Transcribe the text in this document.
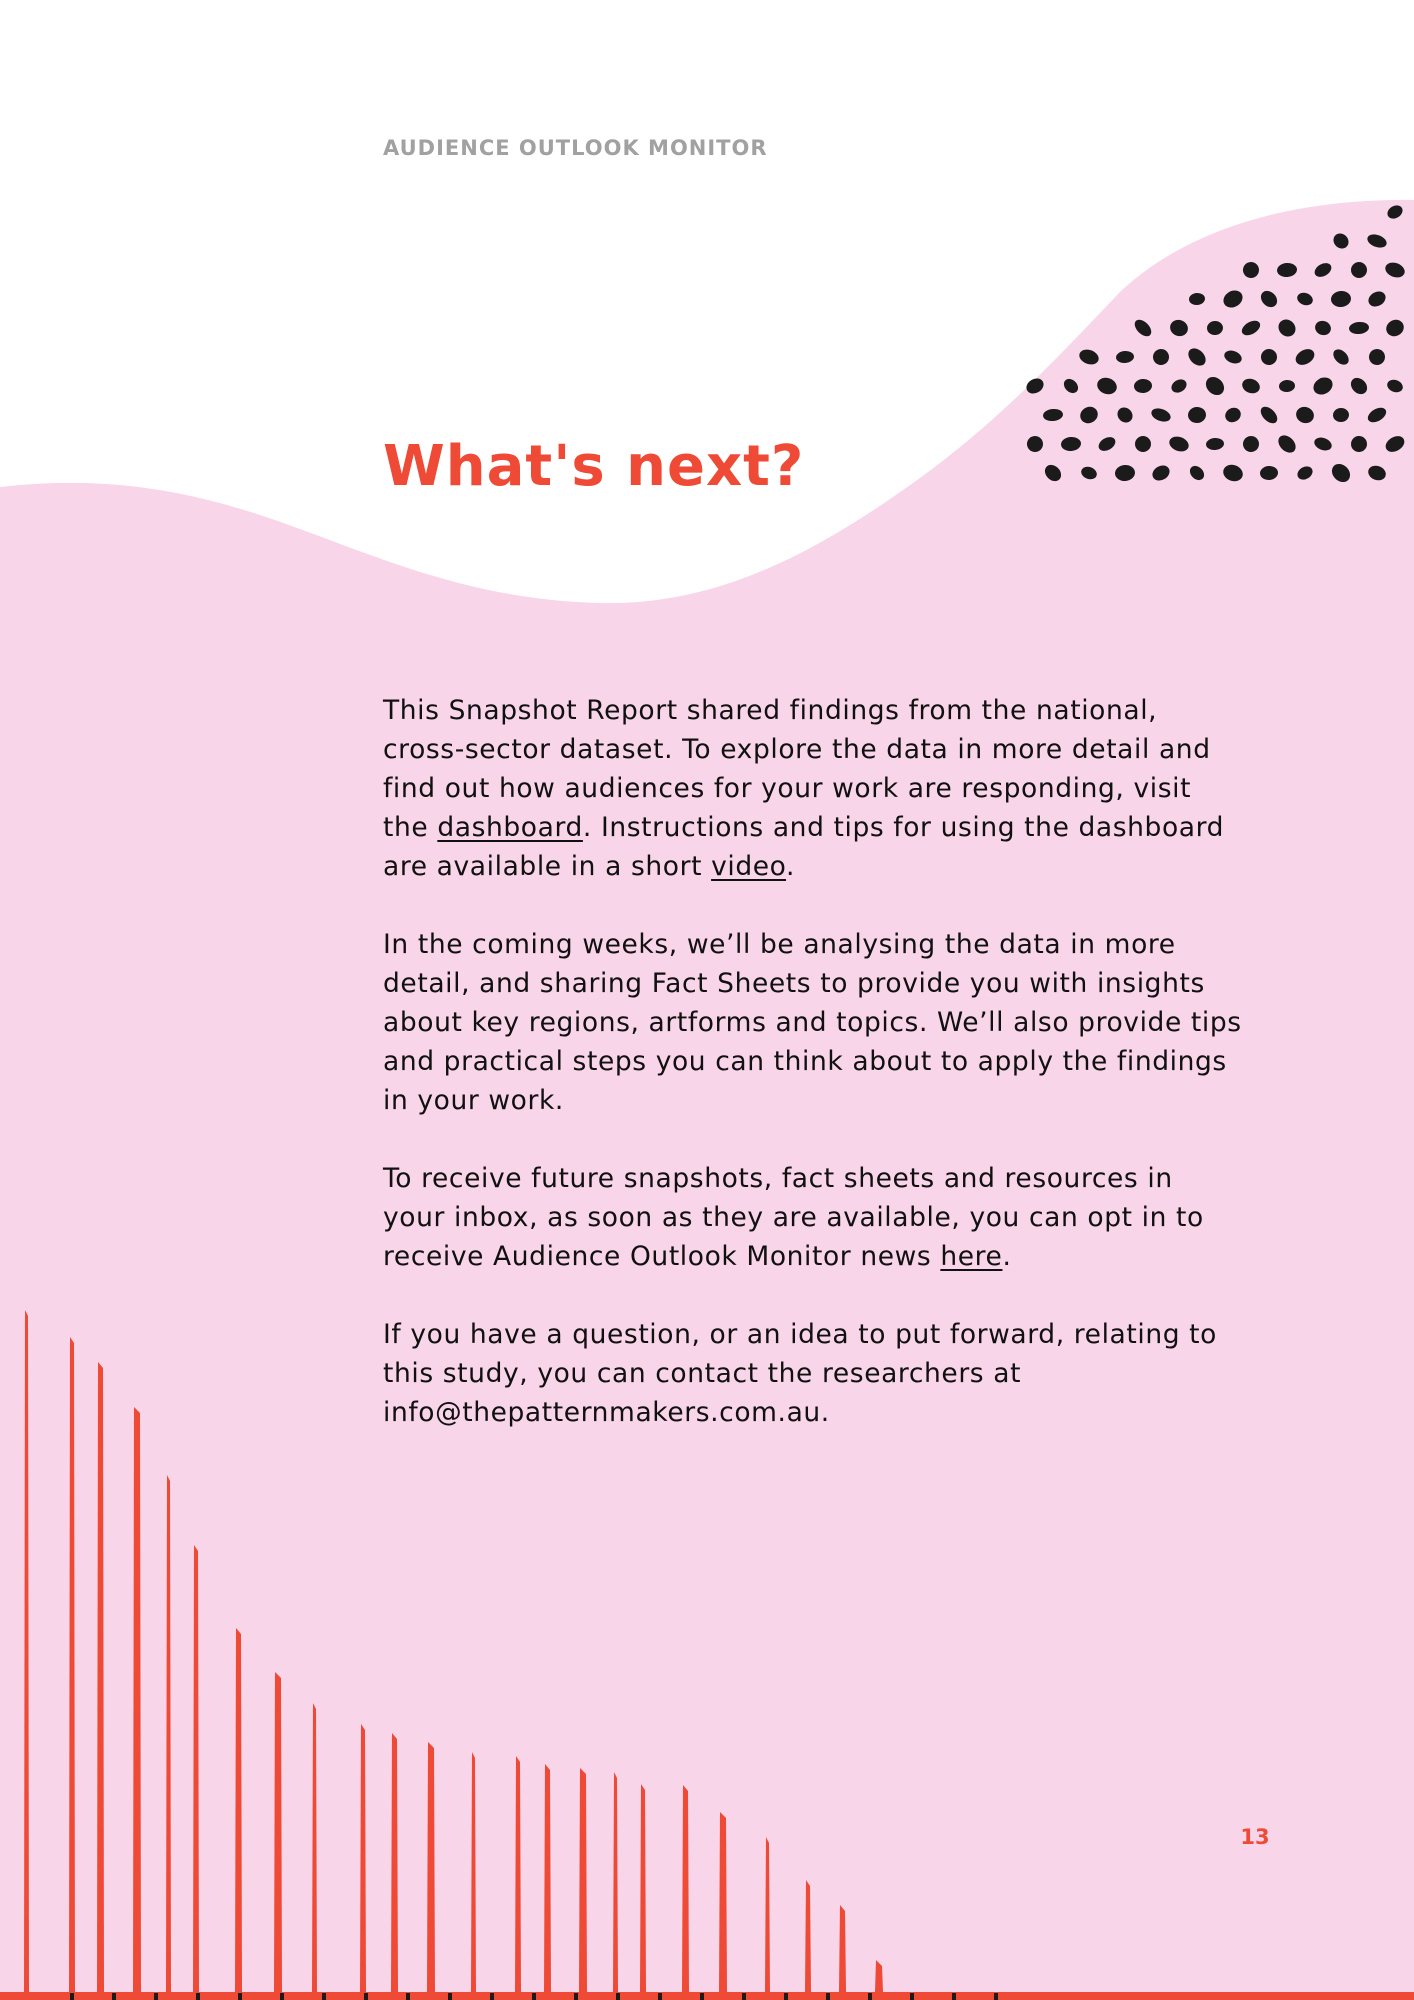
AUDIENCE OUTLOOK MONITOR
What's next?

This Snapshot Report shared findings from the national, cross-sector dataset. To explore the data in more detail and find out how audiences for your work are responding, visit the dashboard. Instructions and tips for using the dashboard are available in a short video.

In the coming weeks, we’ll be analysing the data in more detail, and sharing Fact Sheets to provide you with insights about key regions, artforms and topics. We’ll also provide tips and practical steps you can think about to apply the findings in your work.

To receive future snapshots, fact sheets and resources in your inbox, as soon as they are available, you can opt in to receive Audience Outlook Monitor news here.

If you have a question, or an idea to put forward, relating to this study, you can contact the researchers at info@thepatternmakers.com.au.

13
